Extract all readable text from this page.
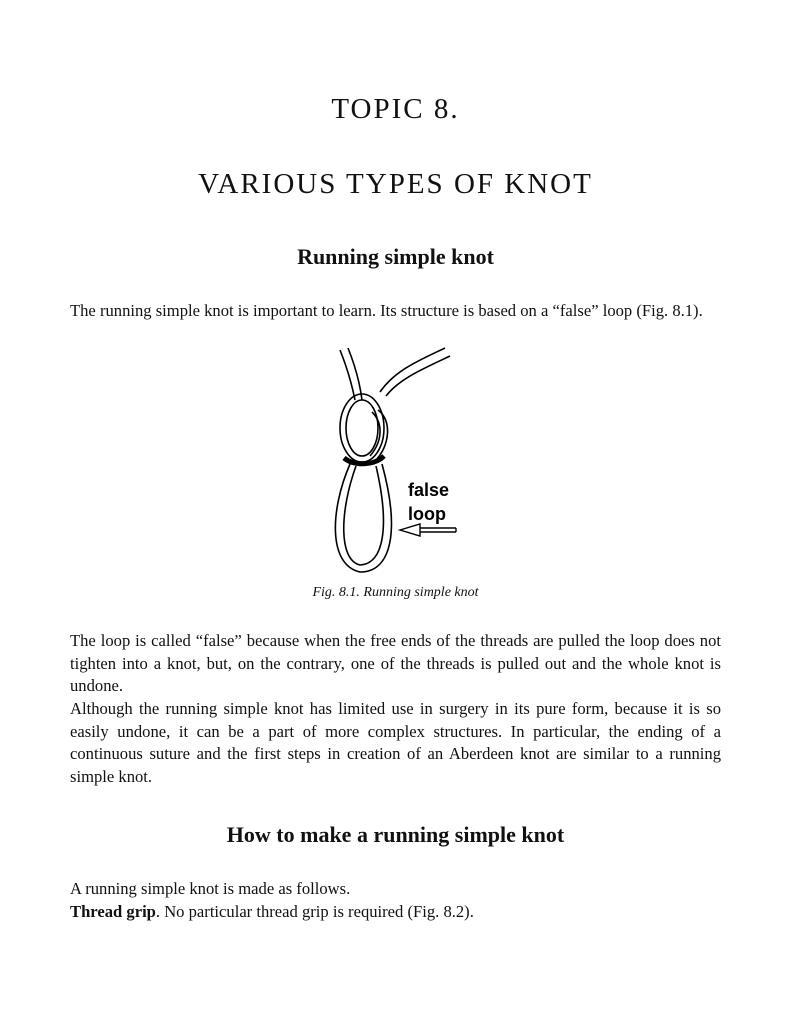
TOPIC 8.
VARIOUS TYPES OF KNOT
Running simple knot

The running simple knot is important to learn. Its structure is based on a “false” loop (Fig. 8.1).

false
loop

Fig. 8.1. Running simple knot

The loop is called “false” because when the free ends of the threads are pulled the loop does not tighten into a knot, but, on the contrary, one of the threads is pulled out and the whole knot is undone.

Although the running simple knot has limited use in surgery in its pure form, because it is so easily undone, it can be a part of more complex structures. In particular, the ending of a continuous suture and the first steps in creation of an Aberdeen knot are similar to a running simple knot.

How to make a running simple knot

A running simple knot is made as follows.

Thread grip. No particular thread grip is required (Fig. 8.2).
